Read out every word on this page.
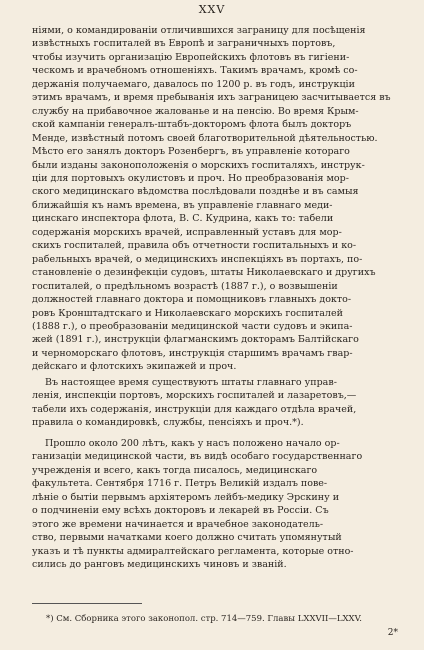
XXV
ніями, о командированіи отличившихся заграницу для посѣщенія
извѣстныхъ госпиталей въ Европѣ и заграничныхъ портовъ,
чтобы изучить организацію Европейскихъ флотовъ въ гигіени-
ческомъ и врачебномъ отношеніяхъ. Такимъ врачамъ, кромѣ со-
держанія получаемаго, давалось по 1200 р. въ годъ, инструкціи
этимъ врачамъ, и время пребыванія ихъ заграницею засчитывается въ
службу на прибавочное жалованье и на пенсію. Во время Крым-
ской кампаніи генералъ-штабъ-докторомъ флота былъ докторъ
Менде, извѣстный потомъ своей благотворительной дѣятельностью.
Мѣсто его занялъ докторъ Розенбергъ, въ управленіе котораго
были изданы законоположенія о морскихъ госпиталяхъ, инструк-
ціи для портовыхъ окулистовъ и проч. Но преобразованія мор-
ского медицинскаго вѣдомства послѣдовали позднѣе и въ самыя
ближайшія къ намъ времена, въ управленіе главнаго меди-
цинскаго инспектора флота, В. С. Кудрина, какъ то: табели
содержанія морскихъ врачей, исправленный уставъ для мор-
скихъ госпиталей, правила объ отчетности госпитальныхъ и ко-
рабельныхъ врачей, о медицинскихъ инспекціяхъ въ портахъ, по-
становленіе о дезинфекціи судовъ, штаты Николаевскаго и другихъ
госпиталей, о предѣльномъ возрастѣ (1887 г.), о возвышеніи
должностей главнаго доктора и помощниковъ главныхъ докто-
ровъ Кронштадтскаго и Николаевскаго морскихъ госпиталей
(1888 г.), о преобразованіи медицинской части судовъ и экипа-
жей (1891 г.), инструкціи флагманскимъ докторамъ Балтійскаго
и черноморскаго флотовъ, инструкція старшимъ врачамъ гвар-
дейскаго и флотскихъ экипажей и проч.
Въ настоящее время существуютъ штаты главнаго управ-
ленія, инспекціи портовъ, морскихъ госпиталей и лазаретовъ,—
табели ихъ содержанія, инструкціи для каждаго отдѣла врачей,
правила о командировкѣ, службы, пенсіяхъ и проч.*).
Прошло около 200 лѣтъ, какъ у насъ положено начало ор-
ганизаціи медицинской части, въ видѣ особаго государственнаго
учрежденія и всего, какъ тогда писалось, медицинскаго
факультета. Сентября 1716 г. Петръ Великій издалъ пове-
лѣніе о бытіи первымъ архіятеромъ лейбъ-медику Эрскину и
о подчиненіи ему всѣхъ докторовъ и лекарей въ Россіи. Съ
этого же времени начинается и врачебное законодатель-
ство, первыми начатками коего должно считать упомянутый
указъ и тѣ пункты адмиралтейскаго регламента, которые отно-
сились до ранговъ медицинскихъ чиновъ и званій.
*) См. Сборника этого законопол. стр. 714—759. Главы LXXVII—LXXV.
2*
